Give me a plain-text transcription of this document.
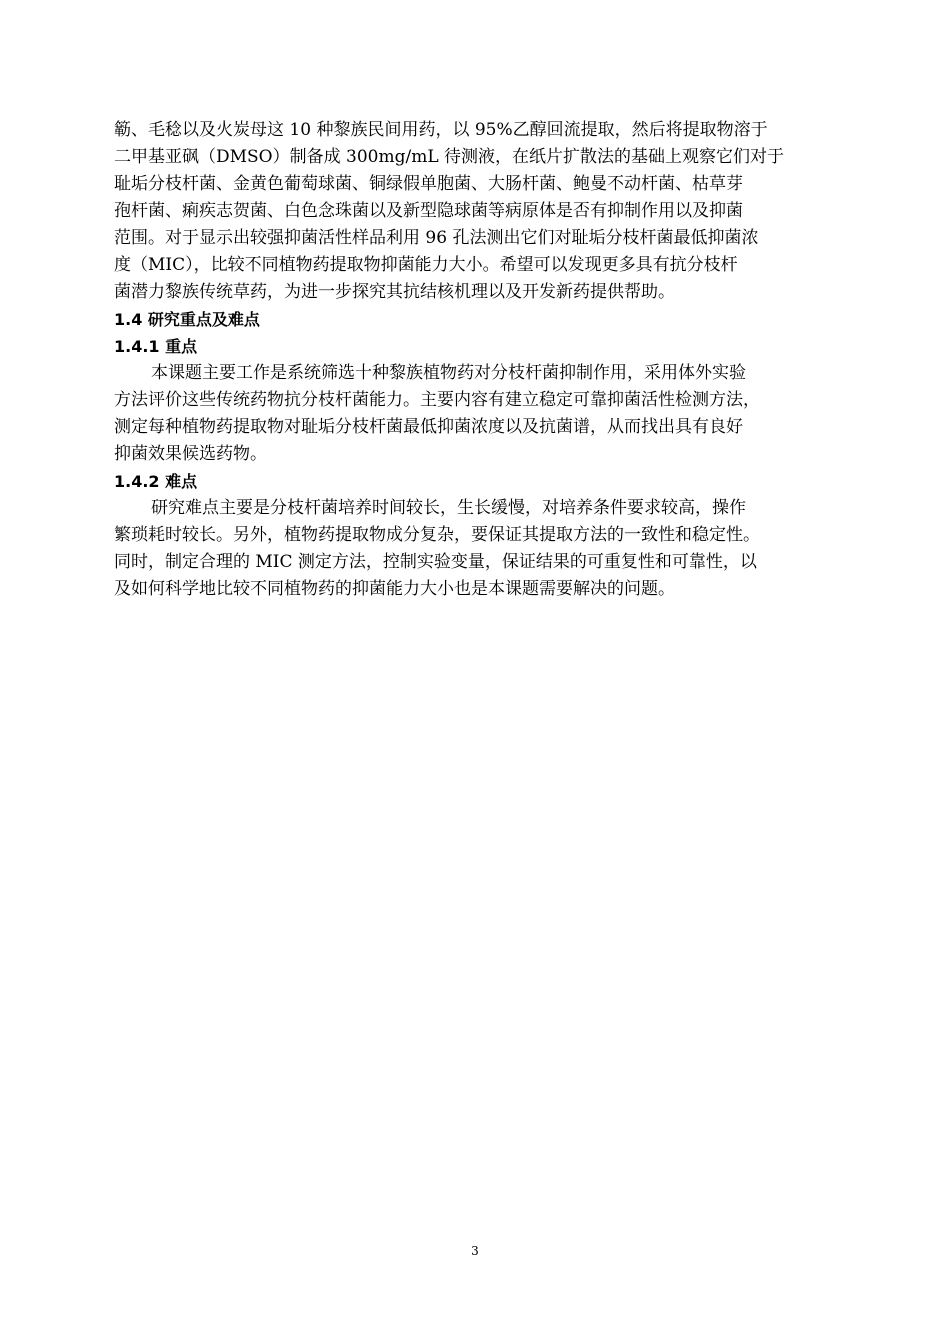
簕、毛稔以及火炭母这 10 种黎族民间用药，以 95%乙醇回流提取，然后将提取物溶于
二甲基亚砜（DMSO）制备成 300mg/mL 待测液，在纸片扩散法的基础上观察它们对于
耻垢分枝杆菌、金黄色葡萄球菌、铜绿假单胞菌、大肠杆菌、鲍曼不动杆菌、枯草芽
孢杆菌、痢疾志贺菌、白色念珠菌以及新型隐球菌等病原体是否有抑制作用以及抑菌
范围。对于显示出较强抑菌活性样品利用 96 孔法测出它们对耻垢分枝杆菌最低抑菌浓
度（MIC），比较不同植物药提取物抑菌能力大小。希望可以发现更多具有抗分枝杆
菌潜力黎族传统草药，为进一步探究其抗结核机理以及开发新药提供帮助。
1.4 研究重点及难点
1.4.1 重点
本课题主要工作是系统筛选十种黎族植物药对分枝杆菌抑制作用，采用体外实验
方法评价这些传统药物抗分枝杆菌能力。主要内容有建立稳定可靠抑菌活性检测方法，
测定每种植物药提取物对耻垢分枝杆菌最低抑菌浓度以及抗菌谱，从而找出具有良好
抑菌效果候选药物。
1.4.2 难点
研究难点主要是分枝杆菌培养时间较长，生长缓慢，对培养条件要求较高，操作
繁琐耗时较长。另外，植物药提取物成分复杂，要保证其提取方法的一致性和稳定性。
同时，制定合理的 MIC 测定方法，控制实验变量，保证结果的可重复性和可靠性，以
及如何科学地比较不同植物药的抑菌能力大小也是本课题需要解决的问题。
3
